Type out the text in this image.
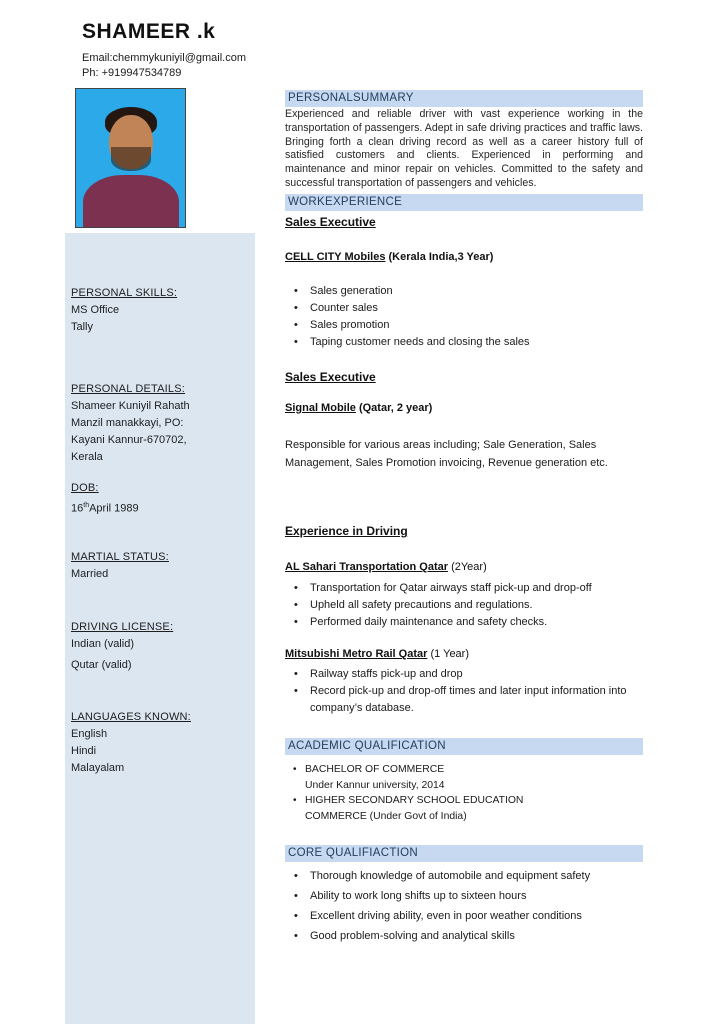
SHAMEER .k
Email:chemmykuniyil@gmail.com
Ph: +919947534789
PERSONAL SKILLS:
MS Office
Tally
PERSONAL DETAILS:
Shameer Kuniyil Rahath
Manzil manakkayi, PO:
Kayani Kannur-670702,
Kerala
DOB:
16thApril 1989
MARTIAL STATUS:
Married
DRIVING LICENSE:
Indian (valid)
Qutar (valid)
LANGUAGES KNOWN:
English
Hindi
Malayalam
PERSONALSUMMARY
Experienced and reliable driver with vast experience working in the transportation of passengers. Adept in safe driving practices and traffic laws. Bringing forth a clean driving record as well as a career history full of satisfied customers and clients. Experienced in performing and maintenance and minor repair on vehicles. Committed to the safety and successful transportation of passengers and vehicles.
WORKEXPERIENCE
Sales Executive
CELL CITY Mobiles (Kerala India,3 Year)
• Sales generation
• Counter sales
• Sales promotion
• Taping customer needs and closing the sales
Sales Executive
Signal Mobile (Qatar, 2 year)
Responsible for various areas including; Sale Generation, Sales Management, Sales Promotion invoicing, Revenue generation etc.
Experience in Driving
AL Sahari Transportation Qatar (2Year)
• Transportation for Qatar airways staff pick-up and drop-off
• Upheld all safety precautions and regulations.
• Performed daily maintenance and safety checks.
Mitsubishi Metro Rail Qatar (1 Year)
• Railway staffs pick-up and drop
• Record pick-up and drop-off times and later input information into company’s database.
ACADEMIC QUALIFICATION
• BACHELOR OF COMMERCE
Under Kannur university, 2014
• HIGHER SECONDARY SCHOOL EDUCATION
COMMERCE (Under Govt of India)
CORE QUALIFIACTION
• Thorough knowledge of automobile and equipment safety
• Ability to work long shifts up to sixteen hours
• Excellent driving ability, even in poor weather conditions
• Good problem-solving and analytical skills
